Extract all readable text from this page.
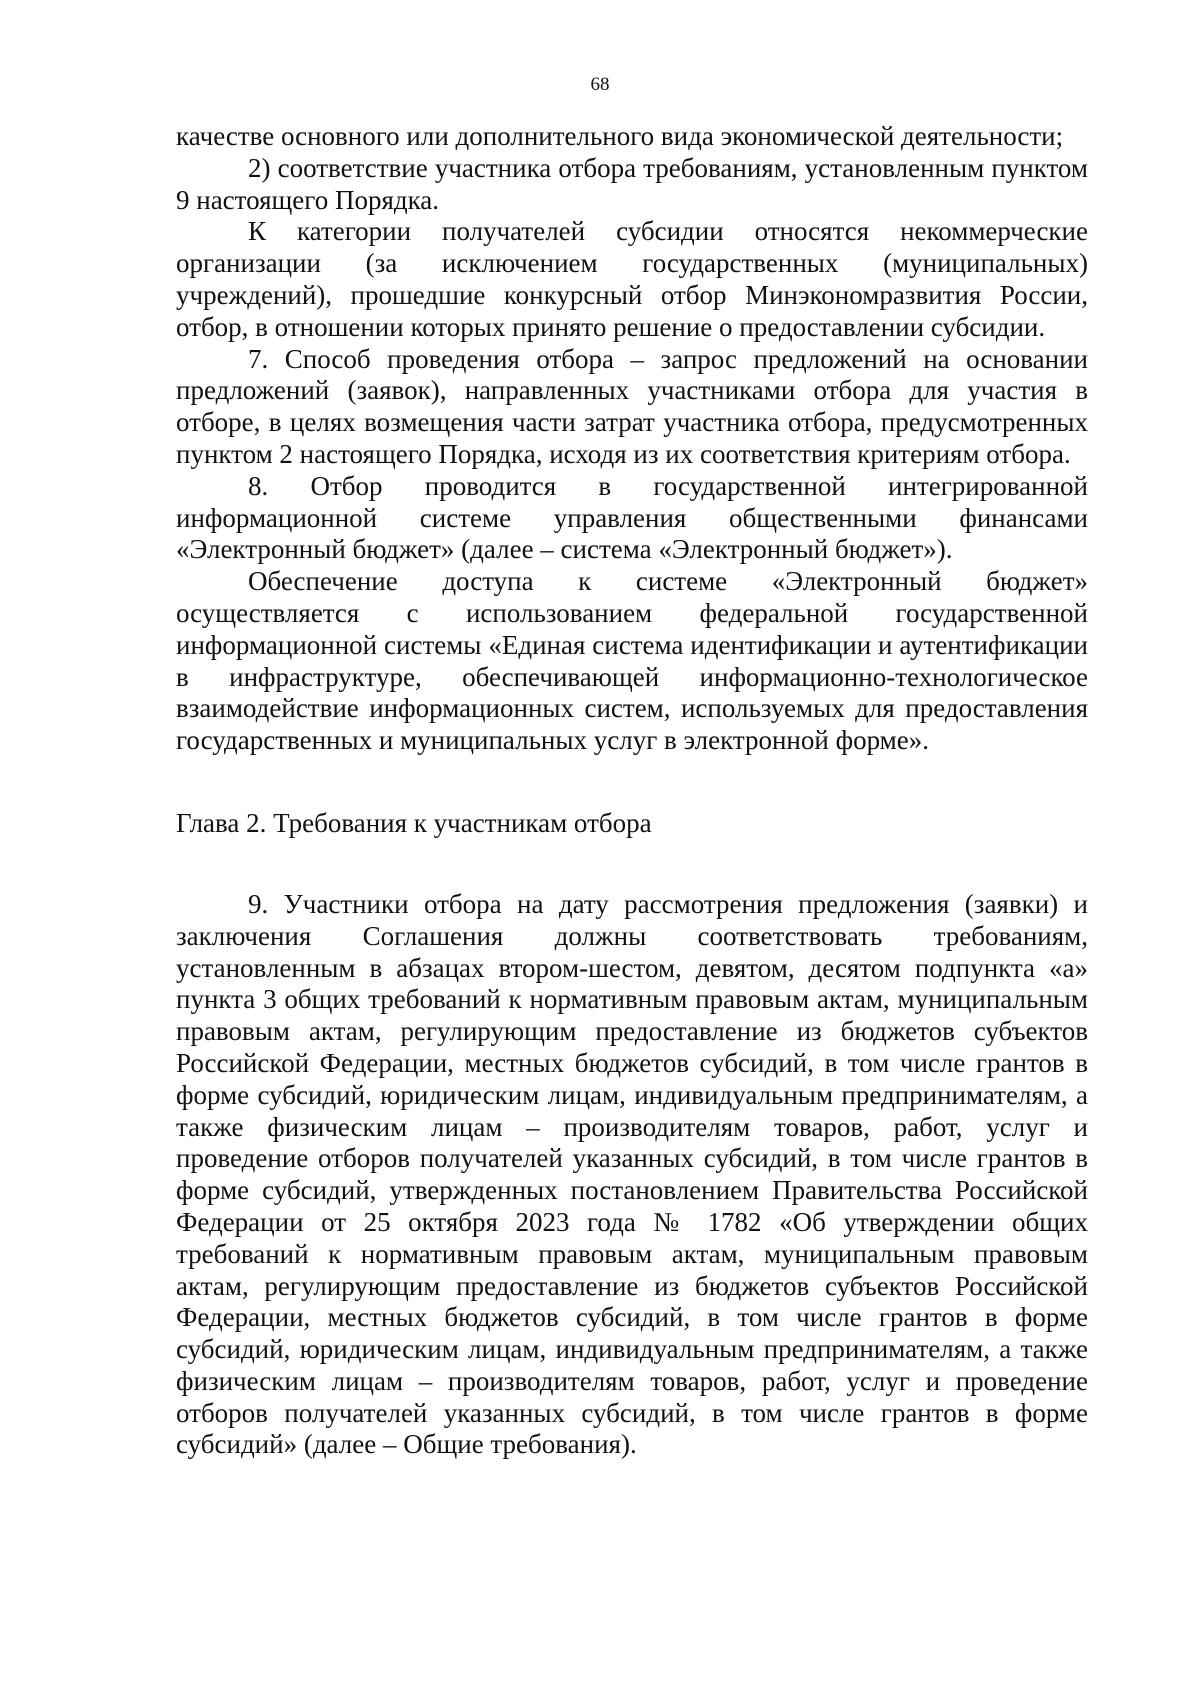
68

качестве основного или дополнительного вида экономической деятельности;

2) соответствие участника отбора требованиям, установленным пунктом 9 настоящего Порядка.

К категории получателей субсидии относятся некоммерческие организации (за исключением государственных (муниципальных) учреждений), прошедшие конкурсный отбор Минэкономразвития России, отбор, в отношении которых принято решение о предоставлении субсидии.

7. Способ проведения отбора – запрос предложений на основании предложений (заявок), направленных участниками отбора для участия в отборе, в целях возмещения части затрат участника отбора, предусмотренных пунктом 2 настоящего Порядка, исходя из их соответствия критериям отбора.

8. Отбор проводится в государственной интегрированной информационной системе управления общественными финансами «Электронный бюджет» (далее – система «Электронный бюджет»).

Обеспечение доступа к системе «Электронный бюджет» осуществляется с использованием федеральной государственной информационной системы «Единая система идентификации и аутентификации в инфраструктуре, обеспечивающей информационно-технологическое взаимодействие информационных систем, используемых для предоставления государственных и муниципальных услуг в электронной форме».

Глава 2. Требования к участникам отбора

9. Участники отбора на дату рассмотрения предложения (заявки) и заключения Соглашения должны соответствовать требованиям, установленным в абзацах втором-шестом, девятом, десятом подпункта «а» пункта 3 общих требований к нормативным правовым актам, муниципальным правовым актам, регулирующим предоставление из бюджетов субъектов Российской Федерации, местных бюджетов субсидий, в том числе грантов в форме субсидий, юридическим лицам, индивидуальным предпринимателям, а также физическим лицам – производителям товаров, работ, услуг и проведение отборов получателей указанных субсидий, в том числе грантов в форме субсидий, утвержденных постановлением Правительства Российской Федерации от 25 октября 2023 года № 1782 «Об утверждении общих требований к нормативным правовым актам, муниципальным правовым актам, регулирующим предоставление из бюджетов субъектов Российской Федерации, местных бюджетов субсидий, в том числе грантов в форме субсидий, юридическим лицам, индивидуальным предпринимателям, а также физическим лицам – производителям товаров, работ, услуг и проведение отборов получателей указанных субсидий, в том числе грантов в форме субсидий» (далее – Общие требования).
